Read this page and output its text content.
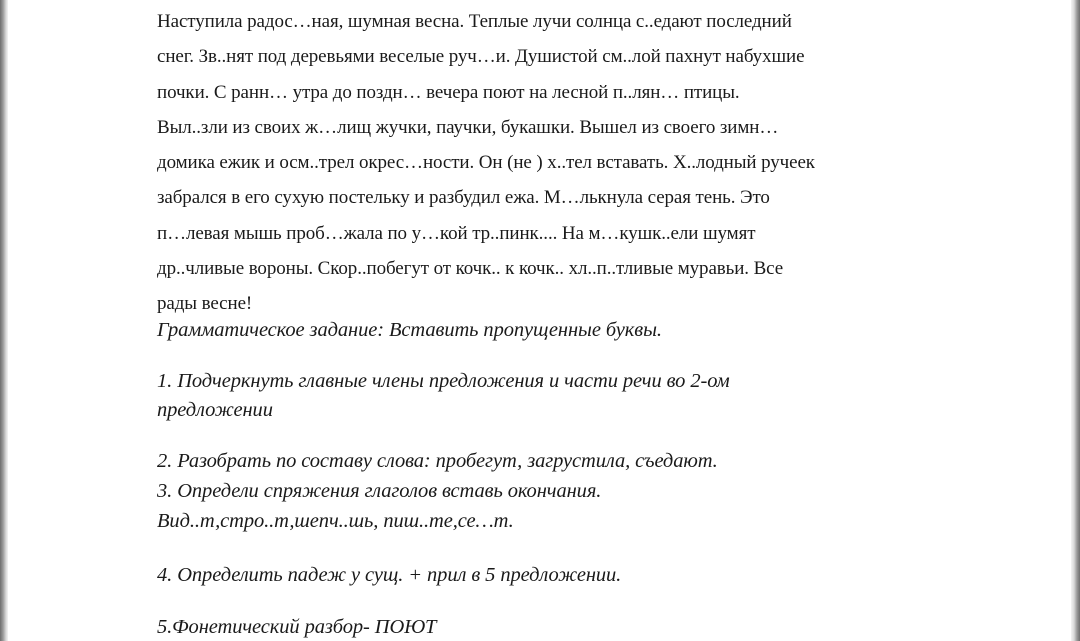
Наступила радос…ная, шумная весна. Теплые лучи солнца с..едают последний
снег. Зв..нят под деревьями веселые руч…и. Душистой см..лой пахнут набухшие
почки. С ранн… утра до поздн… вечера поют на лесной п..лян… птицы.
Выл..зли из своих ж…лищ жучки, паучки, букашки. Вышел из своего зимн…
домика ежик и осм..трел окрес…ности. Он (не ) х..тел вставать. Х..лодный ручеек
забрался в его сухую постельку и разбудил ежа. М…лькнула серая тень. Это
п…левая мышь проб…жала по у…кой тр..пинк.... На м…кушк..ели шумят
др..чливые вороны. Скор..побегут от кочк.. к кочк.. хл..п..тливые муравьи. Все
рады весне!
Грамматическое задание: Вставить пропущенные буквы.
1. Подчеркнуть главные члены предложения и части речи во 2-ом
предложении
2. Разобрать по составу слова: пробегут, загрустила, съедают.
3. Определи спряжения глаголов вставь окончания.
Вид..т,стро..т,шепч..шь, пиш..те,се…т.
4. Определить падеж у сущ. + прил в 5 предложении.
5.Фонетический разбор- ПОЮТ
